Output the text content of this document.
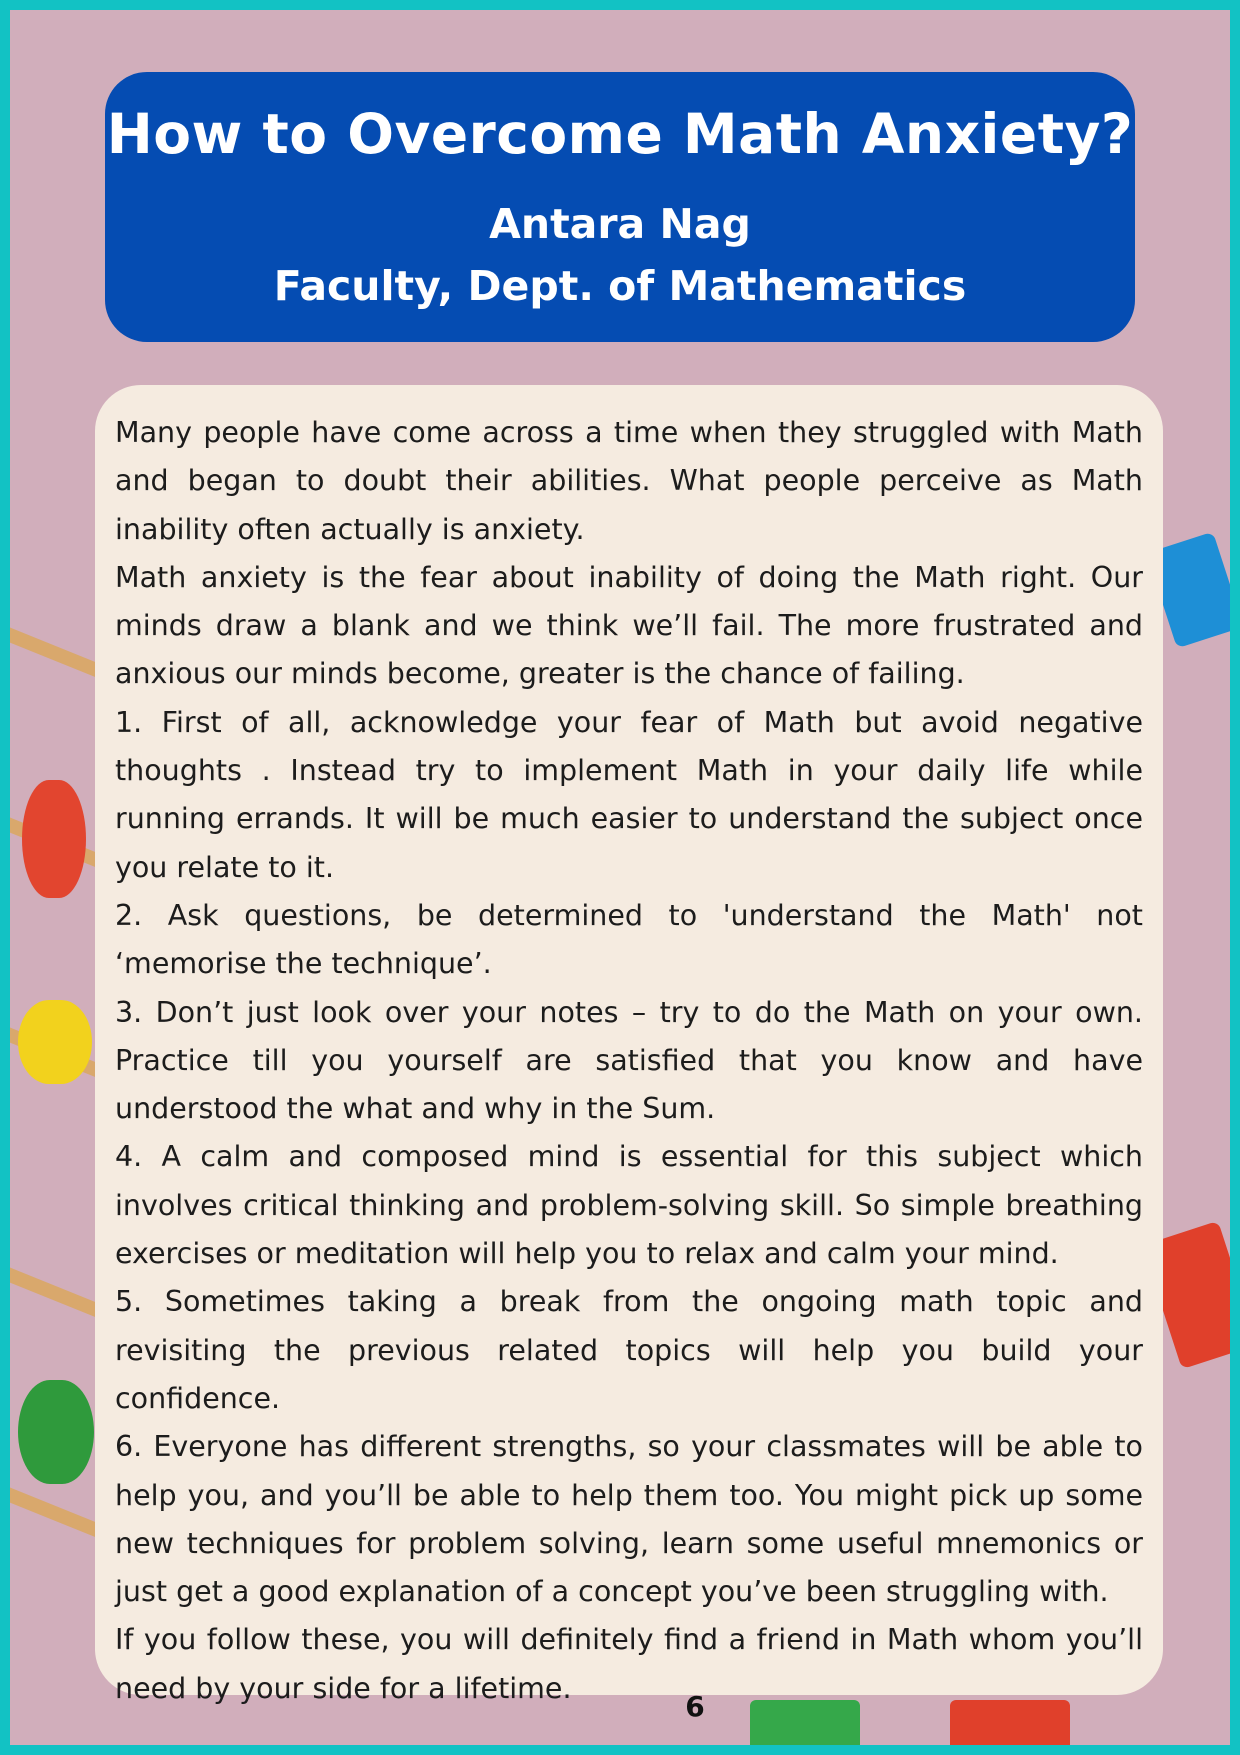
How to Overcome Math Anxiety?
Antara Nag
Faculty, Dept. of Mathematics

Many people have come across a time when they struggled with Math and began to doubt their abilities. What people perceive as Math inability often actually is anxiety.

Math anxiety is the fear about inability of doing the Math right. Our minds draw a blank and we think we’ll fail. The more frustrated and anxious our minds become, greater is the chance of failing.

1. First of all, acknowledge your fear of Math but avoid negative thoughts . Instead try to implement Math in your daily life while running errands. It will be much easier to understand the subject once you relate to it.

2. Ask questions, be determined to 'understand the Math' not ‘memorise the technique’.

3. Don’t just look over your notes – try to do the Math on your own. Practice till you yourself are satisfied that you know and have understood the what and why in the Sum.

4. A calm and composed mind is essential for this subject which involves critical thinking and problem-solving skill. So simple breathing exercises or meditation will help you to relax and calm your mind.

5. Sometimes taking a break from the ongoing math topic and revisiting the previous related topics will help you build your confidence.

6. Everyone has different strengths, so your classmates will be able to help you, and you’ll be able to help them too. You might pick up some new techniques for problem solving, learn some useful mnemonics or just get a good explanation of a concept you’ve been struggling with.

If you follow these, you will definitely find a friend in Math whom you’ll need by your side for a lifetime.

6
